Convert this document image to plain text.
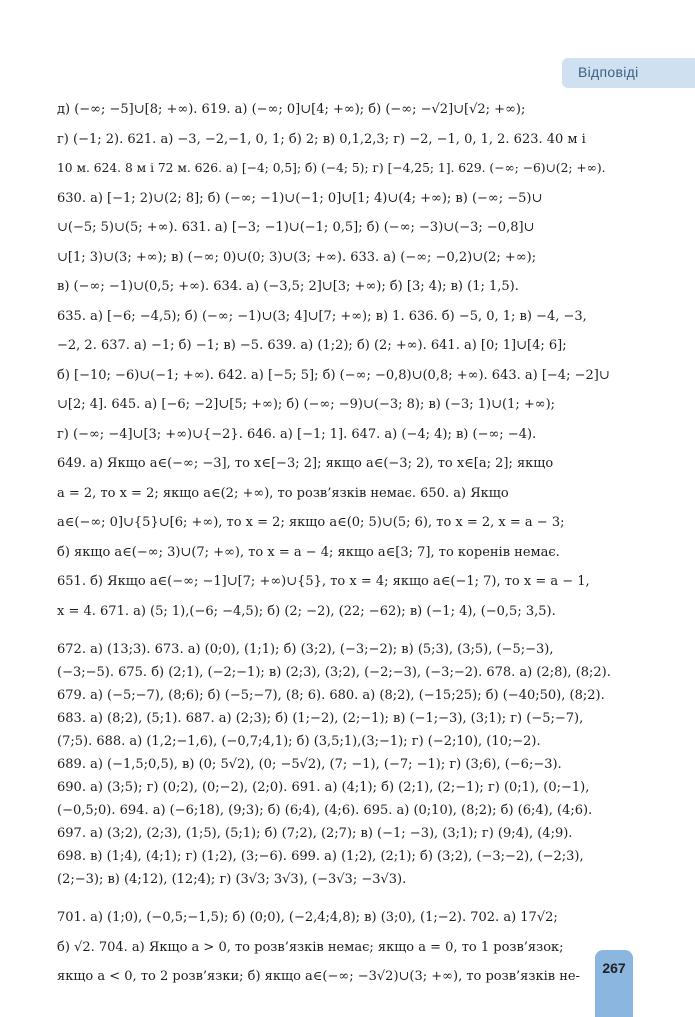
Відповіді
д) (−∞; −5]∪[8; +∞). 619. а) (−∞; 0]∪[4; +∞); б) (−∞; −√2]∪[√2; +∞);
г) (−1; 2). 621. а) −3, −2,−1, 0, 1; б) 2; в) 0,1,2,3; г) −2, −1, 0, 1, 2. 623. 40 м і
10 м. 624. 8 м і 72 м. 626. а) [−4; 0,5]; б) (−4; 5); г) [−4,25; 1]. 629. (−∞; −6)∪(2; +∞).
630. а) [−1; 2)∪(2; 8]; б) (−∞; −1)∪(−1; 0]∪[1; 4)∪(4; +∞); в) (−∞; −5)∪
∪(−5; 5)∪(5; +∞). 631. а) [−3; −1)∪(−1; 0,5]; б) (−∞; −3)∪(−3; −0,8]∪
∪[1; 3)∪(3; +∞); в) (−∞; 0)∪(0; 3)∪(3; +∞). 633. а) (−∞; −0,2)∪(2; +∞);
в) (−∞; −1)∪(0,5; +∞). 634. а) (−3,5; 2]∪[3; +∞); б) [3; 4); в) (1; 1,5).
635. а) [−6; −4,5); б) (−∞; −1)∪(3; 4]∪[7; +∞); в) 1. 636. б) −5, 0, 1; в) −4, −3,
−2, 2. 637. а) −1; б) −1; в) −5. 639. а) (1;2); б) (2; +∞). 641. а) [0; 1]∪[4; 6];
б) [−10; −6)∪(−1; +∞). 642. а) [−5; 5]; б) (−∞; −0,8)∪(0,8; +∞). 643. а) [−4; −2]∪
∪[2; 4]. 645. а) [−6; −2]∪[5; +∞); б) (−∞; −9)∪(−3; 8); в) (−3; 1)∪(1; +∞);
г) (−∞; −4]∪[3; +∞)∪{−2}. 646. а) [−1; 1]. 647. а) (−4; 4); в) (−∞; −4).
649. а) Якщо a∈(−∞; −3], то x∈[−3; 2]; якщо a∈(−3; 2), то x∈[a; 2]; якщо
a = 2, то x = 2; якщо a∈(2; +∞), то розв’язків немає. 650. а) Якщо
a∈(−∞; 0]∪{5}∪[6; +∞), то x = 2; якщо a∈(0; 5)∪(5; 6), то x = 2, x = a − 3;
б) якщо a∈(−∞; 3)∪(7; +∞), то x = a − 4; якщо a∈[3; 7], то коренів немає.
651. б) Якщо a∈(−∞; −1]∪[7; +∞)∪{5}, то x = 4; якщо a∈(−1; 7), то x = a − 1,
x = 4. 671. а) (5; 1),(−6; −4,5); б) (2; −2), (22; −62); в) (−1; 4), (−0,5; 3,5).
672. а) (13;3). 673. а) (0;0), (1;1); б) (3;2), (−3;−2); в) (5;3), (3;5), (−5;−3),
(−3;−5). 675. б) (2;1), (−2;−1); в) (2;3), (3;2), (−2;−3), (−3;−2). 678. а) (2;8), (8;2).
679. а) (−5;−7), (8;6); б) (−5;−7), (8; 6). 680. а) (8;2), (−15;25); б) (−40;50), (8;2).
683. а) (8;2), (5;1). 687. а) (2;3); б) (1;−2), (2;−1); в) (−1;−3), (3;1); г) (−5;−7),
(7;5). 688. а) (1,2;−1,6), (−0,7;4,1); б) (3,5;1),(3;−1); г) (−2;10), (10;−2).
689. а) (−1,5;0,5), в) (0; 5√2), (0; −5√2), (7; −1), (−7; −1); г) (3;6), (−6;−3).
690. а) (3;5); г) (0;2), (0;−2), (2;0). 691. а) (4;1); б) (2;1), (2;−1); г) (0;1), (0;−1),
(−0,5;0). 694. а) (−6;18), (9;3); б) (6;4), (4;6). 695. а) (0;10), (8;2); б) (6;4), (4;6).
697. а) (3;2), (2;3), (1;5), (5;1); б) (7;2), (2;7); в) (−1; −3), (3;1); г) (9;4), (4;9).
698. в) (1;4), (4;1); г) (1;2), (3;−6). 699. а) (1;2), (2;1); б) (3;2), (−3;−2), (−2;3),
(2;−3); в) (4;12), (12;4); г) (3√3; 3√3), (−3√3; −3√3).
701. а) (1;0), (−0,5;−1,5); б) (0;0), (−2,4;4,8); в) (3;0), (1;−2). 702. а) 17√2;
б) √2. 704. а) Якщо a > 0, то розв’язків немає; якщо a = 0, то 1 розв’язок;
якщо a < 0, то 2 розв’язки; б) якщо a∈(−∞; −3√2)∪(3; +∞), то розв’язків не-
267
